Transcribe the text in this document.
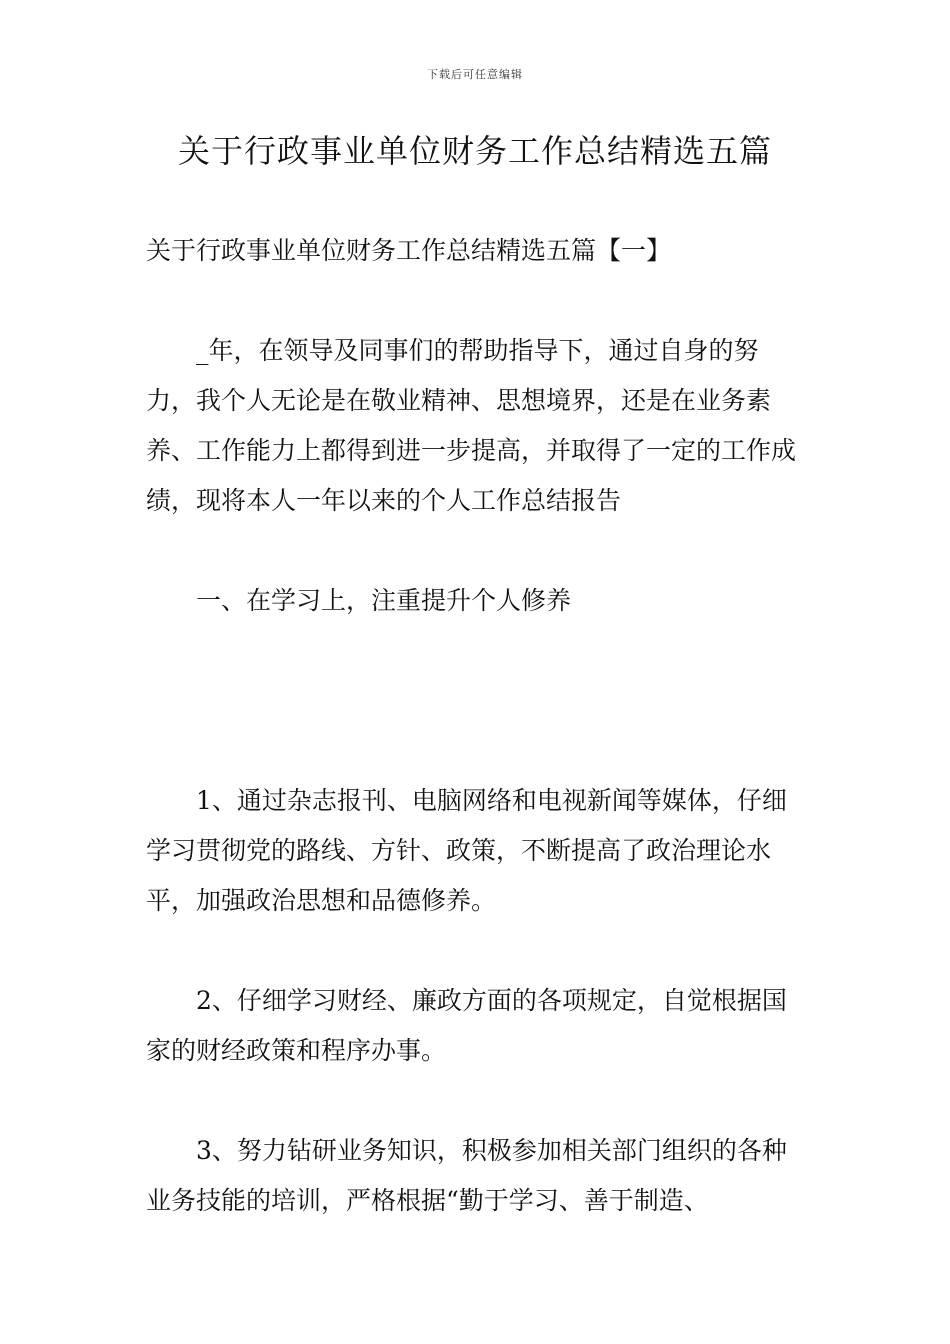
下载后可任意编辑
关于行政事业单位财务工作总结精选五篇

关于行政事业单位财务工作总结精选五篇【一】

_年，在领导及同事们的帮助指导下，通过自身的努力，我个人无论是在敬业精神、思想境界，还是在业务素养、工作能力上都得到进一步提高，并取得了一定的工作成绩，现将本人一年以来的个人工作总结报告

一、在学习上，注重提升个人修养

1、通过杂志报刊、电脑网络和电视新闻等媒体，仔细学习贯彻党的路线、方针、政策，不断提高了政治理论水平，加强政治思想和品德修养。

2、仔细学习财经、廉政方面的各项规定，自觉根据国家的财经政策和程序办事。

3、努力钻研业务知识，积极参加相关部门组织的各种业务技能的培训，严格根据“勤于学习、善于制造、
